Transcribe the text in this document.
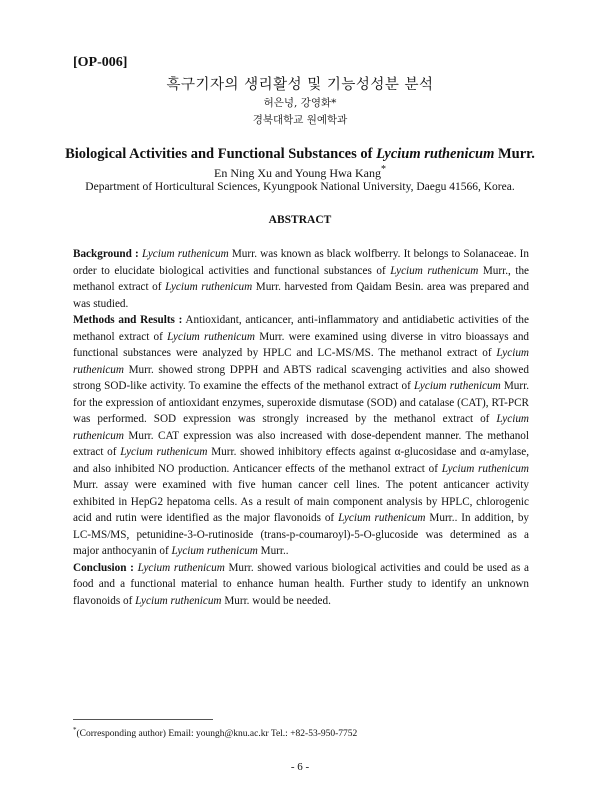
[OP-006]
흑구기자의 생리활성 및 기능성성분 분석
허은넝, 강영화*
경북대학교 원예학과
Biological Activities and Functional Substances of Lycium ruthenicum Murr.
En Ning Xu and Young Hwa Kang*
Department of Horticultural Sciences, Kyungpook National University, Daegu 41566, Korea.
ABSTRACT

Background : Lycium ruthenicum Murr. was known as black wolfberry. It belongs to Solanaceae. In order to elucidate biological activities and functional substances of Lycium ruthenicum Murr., the methanol extract of Lycium ruthenicum Murr. harvested from Qaidam Besin. area was prepared and was studied.

Methods and Results : Antioxidant, anticancer, anti-inflammatory and antidiabetic activities of the methanol extract of Lycium ruthenicum Murr. were examined using diverse in vitro bioassays and functional substances were analyzed by HPLC and LC-MS/MS. The methanol extract of Lycium ruthenicum Murr. showed strong DPPH and ABTS radical scavenging activities and also showed strong SOD-like activity. To examine the effects of the methanol extract of Lycium ruthenicum Murr. for the expression of antioxidant enzymes, superoxide dismutase (SOD) and catalase (CAT), RT-PCR was performed. SOD expression was strongly increased by the methanol extract of Lycium ruthenicum Murr. CAT expression was also increased with dose-dependent manner. The methanol extract of Lycium ruthenicum Murr. showed inhibitory effects against α-glucosidase and α-amylase, and also inhibited NO production. Anticancer effects of the methanol extract of Lycium ruthenicum Murr. assay were examined with five human cancer cell lines. The potent anticancer activity exhibited in HepG2 hepatoma cells. As a result of main component analysis by HPLC, chlorogenic acid and rutin were identified as the major flavonoids of Lycium ruthenicum Murr.. In addition, by LC-MS/MS, petunidine-3-O-rutinoside (trans-p-coumaroyl)-5-O-glucoside was determined as a major anthocyanin of Lycium ruthenicum Murr..

Conclusion : Lycium ruthenicum Murr. showed various biological activities and could be used as a food and a functional material to enhance human health. Further study to identify an unknown flavonoids of Lycium ruthenicum Murr. would be needed.

*(Corresponding author) Email: youngh@knu.ac.kr Tel.: +82-53-950-7752
- 6 -
